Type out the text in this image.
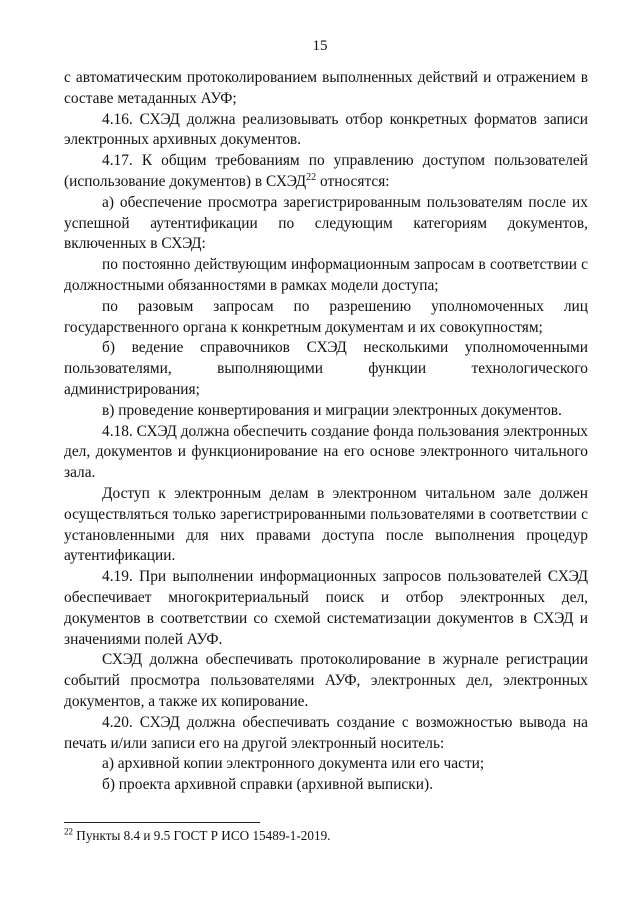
15

с автоматическим протоколированием выполненных действий и отражением в составе метаданных АУФ;

4.16. СХЭД должна реализовывать отбор конкретных форматов записи электронных архивных документов.

4.17. К общим требованиям по управлению доступом пользователей (использование документов) в СХЭД$^{22}$ относятся:

а) обеспечение просмотра зарегистрированным пользователям после их успешной аутентификации по следующим категориям документов, включенных в СХЭД:

по постоянно действующим информационным запросам в соответствии с должностными обязанностями в рамках модели доступа;

по разовым запросам по разрешению уполномоченных лиц государственного органа к конкретным документам и их совокупностям;

б) ведение справочников СХЭД несколькими уполномоченными

пользователями, выполняющими функции технологического

администрирования;

в) проведение конвертирования и миграции электронных документов.

4.18. СХЭД должна обеспечить создание фонда пользования электронных дел, документов и функционирование на его основе электронного читального зала.

Доступ к электронным делам в электронном читальном зале должен осуществляться только зарегистрированными пользователями в соответствии с установленными для них правами доступа после выполнения процедур аутентификации.

4.19. При выполнении информационных запросов пользователей СХЭД обеспечивает многокритериальный поиск и отбор электронных дел, документов в соответствии со схемой систематизации документов в СХЭД и значениями полей АУФ.

СХЭД должна обеспечивать протоколирование в журнале регистрации событий просмотра пользователями АУФ, электронных дел, электронных документов, а также их копирование.

4.20. СХЭД должна обеспечивать создание с возможностью вывода на печать и/или записи его на другой электронный носитель:

а) архивной копии электронного документа или его части;

б) проекта архивной справки (архивной выписки).

$^{22}$ Пункты 8.4 и 9.5 ГОСТ Р ИСО 15489-1-2019.
